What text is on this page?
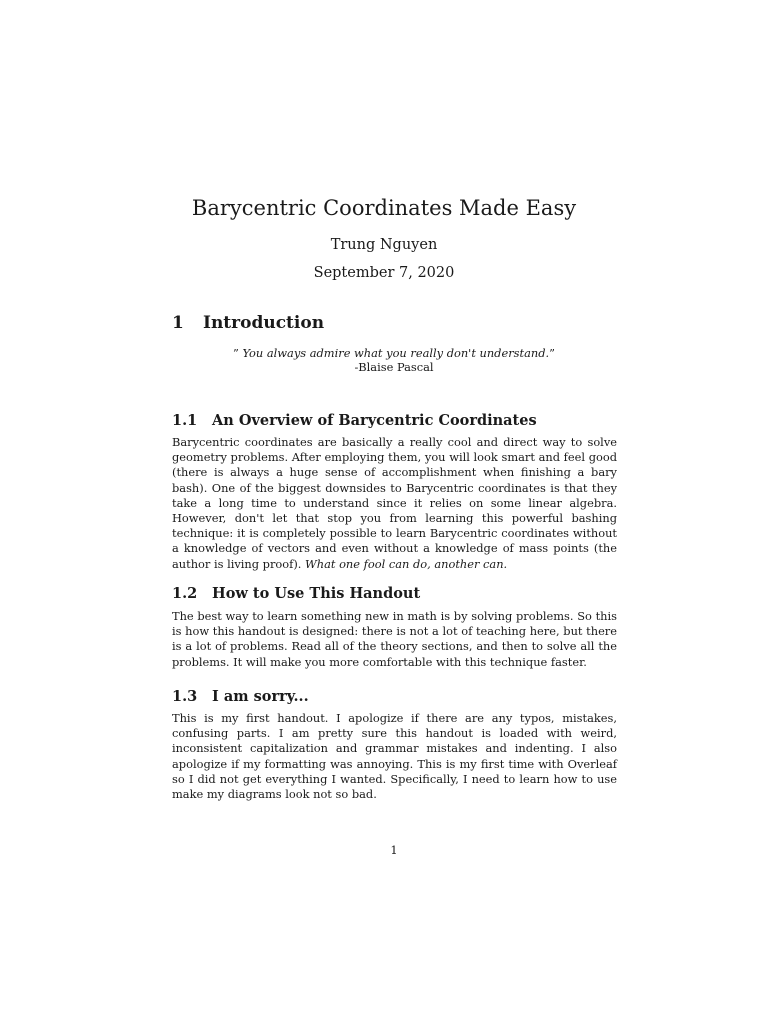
Barycentric Coordinates Made Easy
Trung Nguyen
September 7, 2020
1 Introduction
” You always admire what you really don't understand.”
-Blaise Pascal
1.1 An Overview of Barycentric Coordinates

Barycentric coordinates are basically a really cool and direct way to solve geometry problems. After employing them, you will look smart and feel good (there is always a huge sense of accomplishment when finishing a bary bash). One of the biggest downsides to Barycentric coordinates is that they take a long time to understand since it relies on some linear algebra. However, don't let that stop you from learning this powerful bashing technique: it is completely possible to learn Barycentric coordinates without a knowledge of vectors and even without a knowledge of mass points (the author is living proof). What one fool can do, another can.

1.2 How to Use This Handout

The best way to learn something new in math is by solving problems. So this is how this handout is designed: there is not a lot of teaching here, but there is a lot of problems. Read all of the theory sections, and then to solve all the problems. It will make you more comfortable with this technique faster.

1.3 I am sorry...

This is my first handout. I apologize if there are any typos, mistakes, confusing parts. I am pretty sure this handout is loaded with weird, inconsistent capitalization and grammar mistakes and indenting. I also apologize if my formatting was annoying. This is my first time with Overleaf so I did not get everything I wanted. Specifically, I need to learn how to use make my diagrams look not so bad.

1
